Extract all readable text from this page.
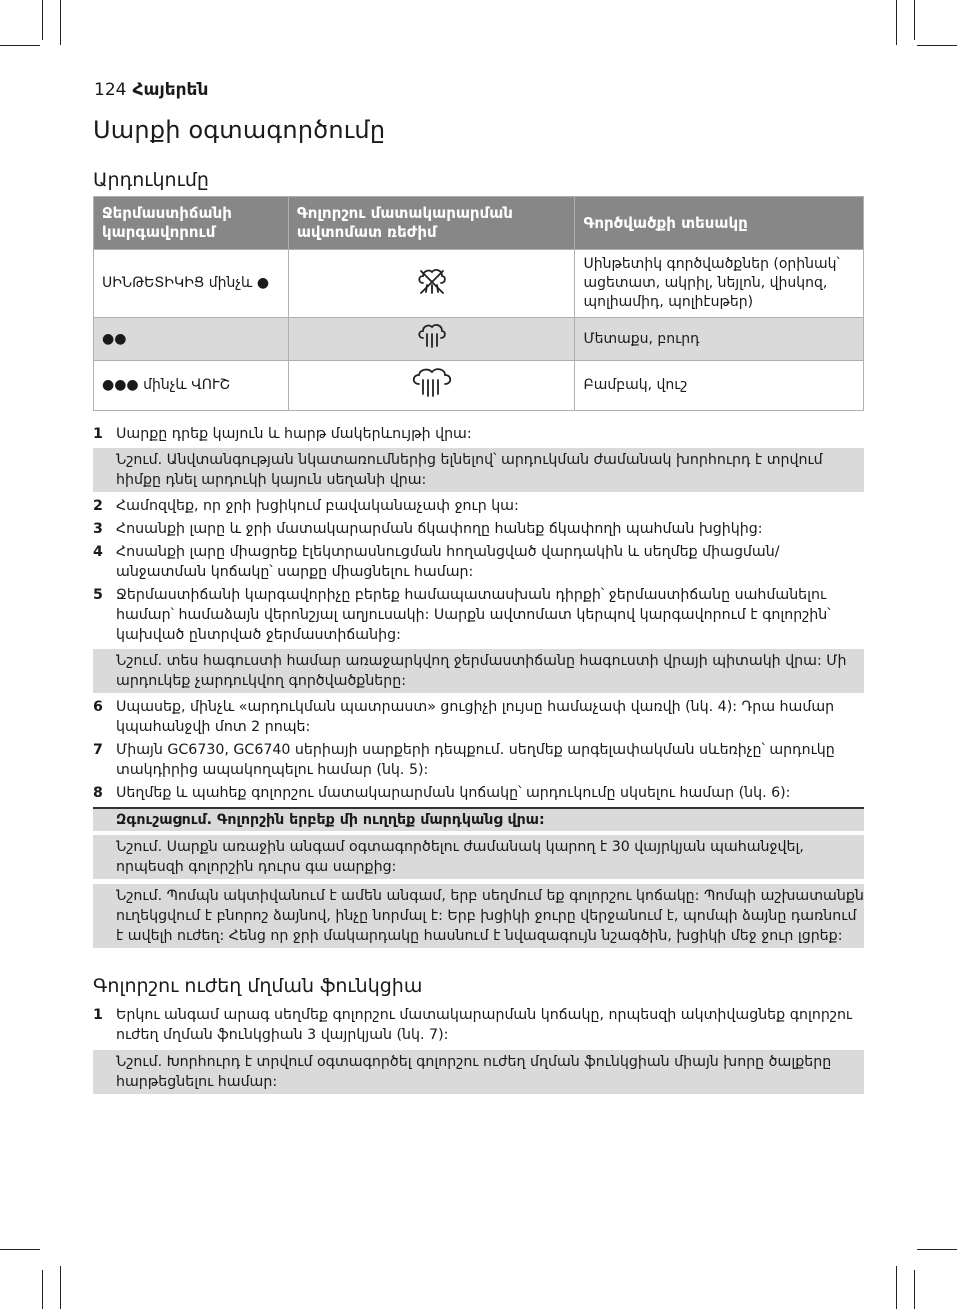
124 Հայերեն
Սարքի օգտագործումը
Արդուկումը
Ջերմաստիճանի կարգավորում	Գոլորշու մատակարարման ավտոմատ ռեժիմ	Գործվածքի տեսակը
ՍԻՆԹԵՏԻԿԻՑ մինչև ●		Սինթետիկ գործվածքներ (օրինակ՝ ացետատ, ակրիլ, նեյլոն, վիսկոզ, պոլիամիդ, պոլիէսթեր)
●●		Մետաքս, բուրդ
●●● մինչև ՎՈՒՇ		Բամբակ, վուշ
1 Սարքը դրեք կայուն և հարթ մակերևույթի վրա:
Նշում. Անվտանգության նկատառումներից ելնելով՝ արդուկման ժամանակ խորհուրդ է տրվում հիմքը դնել արդուկի կայուն սեղանի վրա:
2 Համոզվեք, որ ջրի խցիկում բավականաչափ ջուր կա:
3 Հոսանքի լարը և ջրի մատակարարման ճկափողը հանեք ճկափողի պահման խցիկից:
4 Հոսանքի լարը միացրեք էլեկտրասնուցման հողանցված վարդակին և սեղմեք միացման/անջատման կոճակը՝ սարքը միացնելու համար:
5 Ջերմաստիճանի կարգավորիչը բերեք համապատասխան դիրքի՝ ջերմաստիճանը սահմանելու համար՝ համաձայն վերոնշյալ աղյուսակի: Սարքն ավտոմատ կերպով կարգավորում է գոլորշին՝ կախված ընտրված ջերմաստիճանից:
Նշում. տես հագուստի համար առաջարկվող ջերմաստիճանը հագուստի վրայի պիտակի վրա: Մի արդուկեք չարդուկվող գործվածքները:
6 Սպասեք, մինչև «արդուկման պատրաստ» ցուցիչի լույսը համաչափ վառվի (նկ. 4): Դրա համար կպահանջվի մոտ 2 րոպե:
7 Միայն GC6730, GC6740 սերիայի սարքերի դեպքում. սեղմեք արգելափակման սևեռիչը՝ արդուկը տակդիրից ապակողպելու համար (նկ. 5):
8 Սեղմեք և պահեք գոլորշու մատակարարման կոճակը՝ արդուկումը սկսելու համար (նկ. 6):
Զգուշացում. Գոլորշին երբեք մի ուղղեք մարդկանց վրա:
Նշում. Սարքն առաջին անգամ օգտագործելու ժամանակ կարող է 30 վայրկյան պահանջվել, որպեսզի գոլորշին դուրս գա սարքից:
Նշում. Պոմպն ակտիվանում է ամեն անգամ, երբ սեղմում եք գոլորշու կոճակը: Պոմպի աշխատանքն ուղեկցվում է բնորոշ ձայնով, ինչը նորմալ է: Երբ խցիկի ջուրը վերջանում է, պոմպի ձայնը դառնում է ավելի ուժեղ: Հենց որ ջրի մակարդակը հասնում է նվազագույն նշագծին, խցիկի մեջ ջուր լցրեք:
Գոլորշու ուժեղ մղման ֆունկցիա
1 Երկու անգամ արագ սեղմեք գոլորշու մատակարարման կոճակը, որպեսզի ակտիվացնեք գոլորշու ուժեղ մղման ֆունկցիան 3 վայրկյան (նկ. 7):
Նշում. Խորհուրդ է տրվում օգտագործել գոլորշու ուժեղ մղման ֆունկցիան միայն խորը ծալքերը հարթեցնելու համար:
